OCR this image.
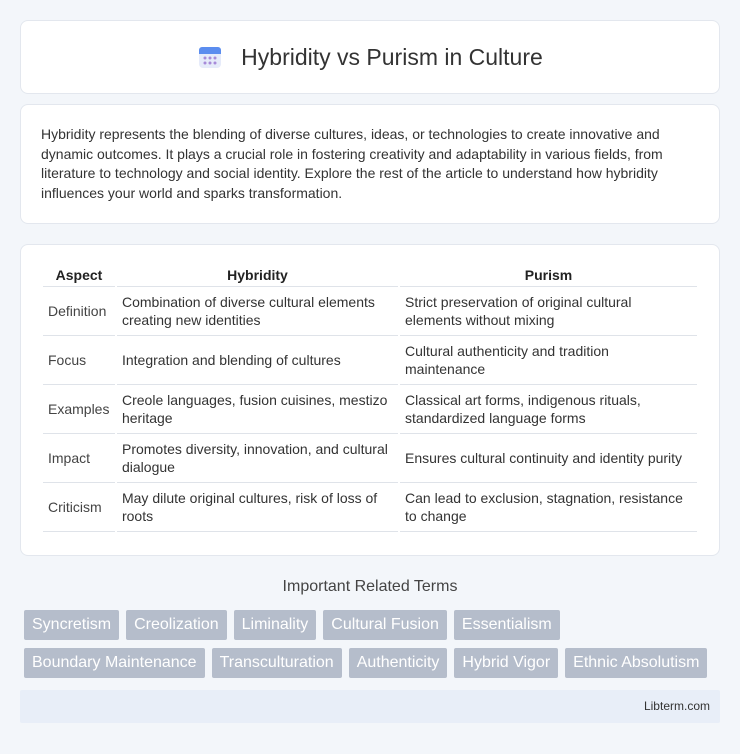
Hybridity vs Purism in Culture

Hybridity represents the blending of diverse cultures, ideas, or technologies to create innovative and dynamic outcomes. It plays a crucial role in fostering creativity and adaptability in various fields, from literature to technology and social identity. Explore the rest of the article to understand how hybridity influences your world and sparks transformation.

Aspect	Hybridity	Purism
Definition	Combination of diverse cultural elements creating new identities	Strict preservation of original cultural elements without mixing
Focus	Integration and blending of cultures	Cultural authenticity and tradition maintenance
Examples	Creole languages, fusion cuisines, mestizo heritage	Classical art forms, indigenous rituals, standardized language forms
Impact	Promotes diversity, innovation, and cultural dialogue	Ensures cultural continuity and identity purity
Criticism	May dilute original cultures, risk of loss of roots	Can lead to exclusion, stagnation, resistance to change
Important Related Terms
Syncretism	Creolization	Liminality	Cultural Fusion	Essentialism
Boundary Maintenance	Transculturation	Authenticity	Hybrid Vigor	Ethnic Absolutism
Libterm.com
